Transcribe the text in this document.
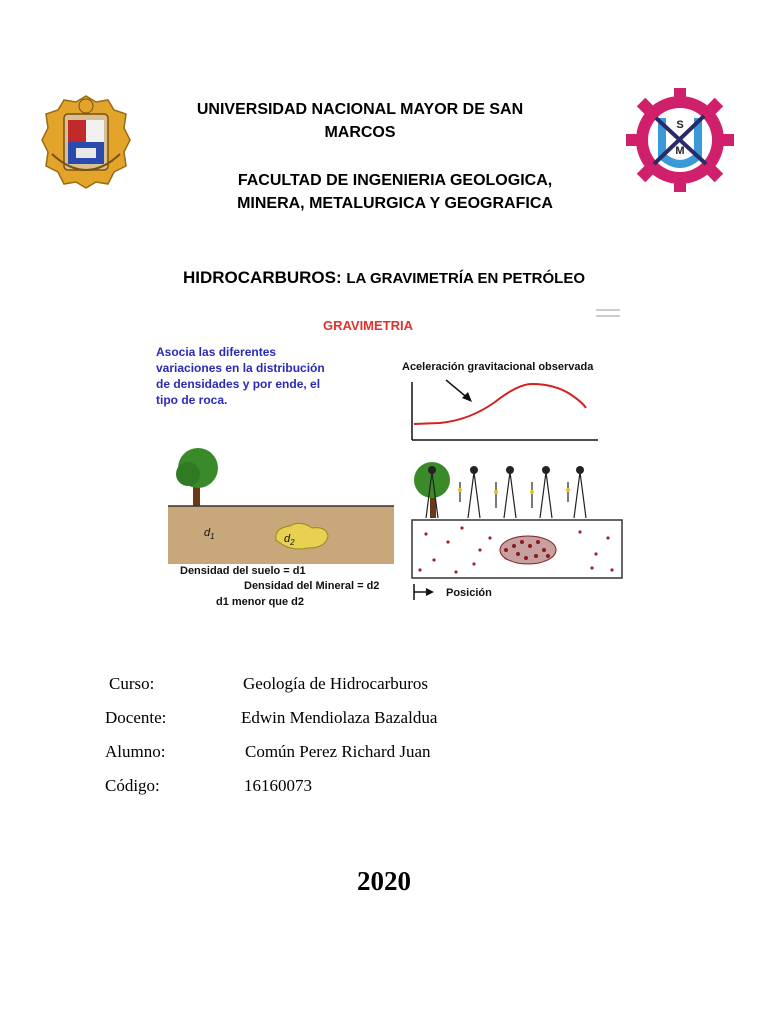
S
M
UNIVERSIDAD NACIONAL MAYOR DE SAN
MARCOS
FACULTAD DE INGENIERIA GEOLOGICA,
MINERA, METALURGICA Y GEOGRAFICA
HIDROCARBUROS: LA GRAVIMETRÍA EN PETRÓLEO
GRAVIMETRIA
Asocia las diferentes
variaciones en la distribución
de densidades y por ende, el
tipo de roca.
Aceleración gravitacional observada
$d_1$	$d_2$
Densidad del suelo = d1
Densidad del Mineral = d2
d1 menor que d2
Posición
Curso:	Geología de Hidrocarburos
Docente:	Edwin Mendiolaza Bazaldua
Alumno:	Común Perez Richard Juan
Código:	16160073
2020
